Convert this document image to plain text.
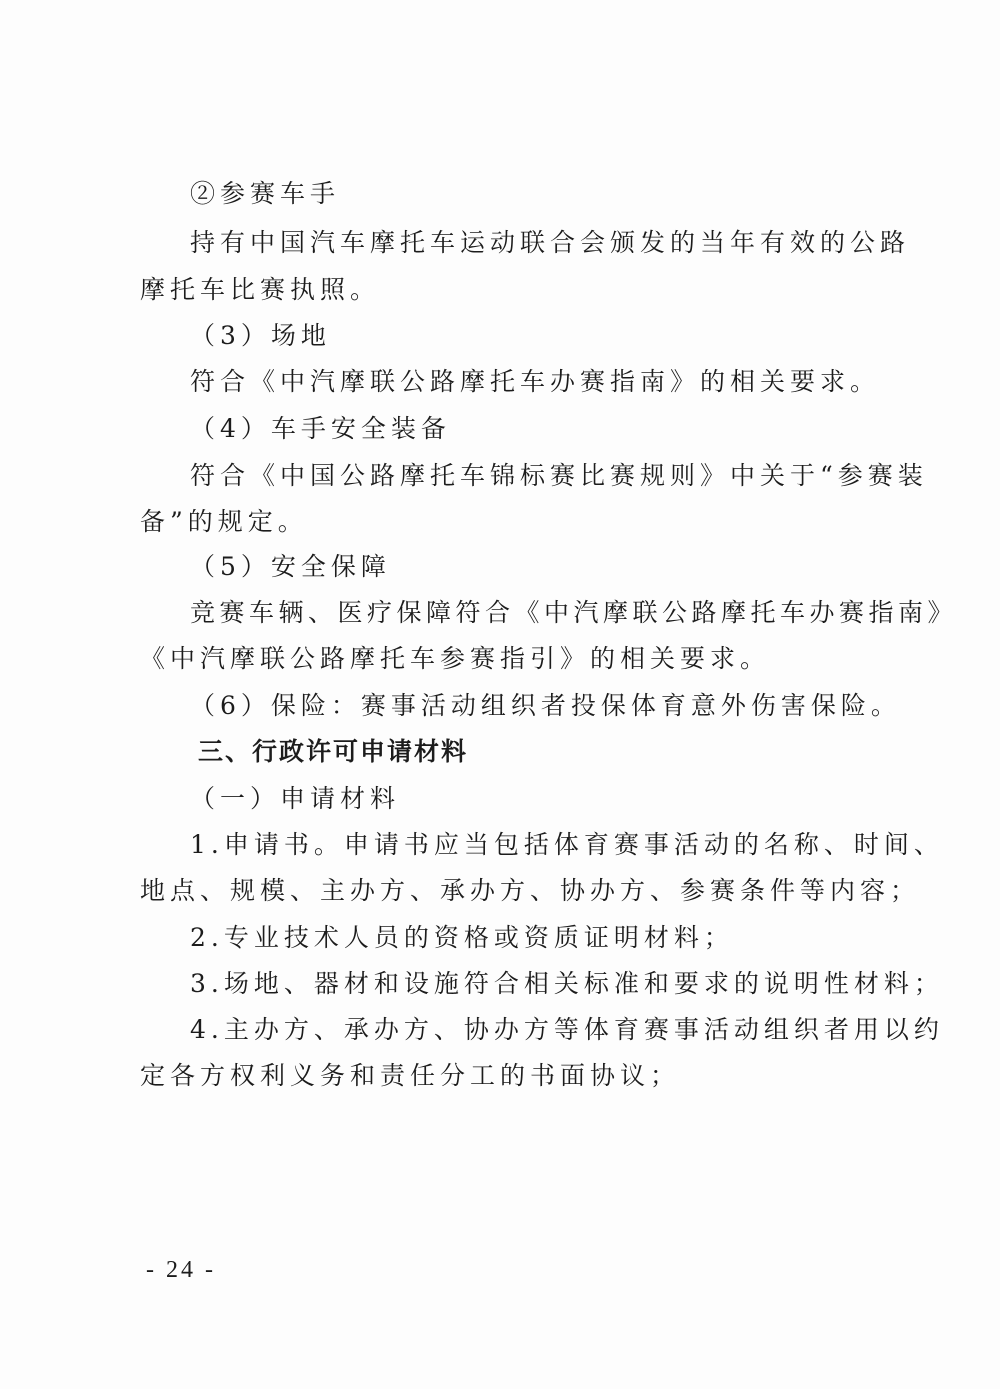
②参赛车手
持有中国汽车摩托车运动联合会颁发的当年有效的公路
摩托车比赛执照。
（3）场地
符合《中汽摩联公路摩托车办赛指南》的相关要求。
（4）车手安全装备
符合《中国公路摩托车锦标赛比赛规则》中关于“参赛装
备”的规定。
（5）安全保障
竞赛车辆、医疗保障符合《中汽摩联公路摩托车办赛指南》
《中汽摩联公路摩托车参赛指引》的相关要求。
（6）保险：赛事活动组织者投保体育意外伤害保险。
三、行政许可申请材料
（一）申请材料
1.申请书。申请书应当包括体育赛事活动的名称、时间、
地点、规模、主办方、承办方、协办方、参赛条件等内容；
2.专业技术人员的资格或资质证明材料；
3.场地、器材和设施符合相关标准和要求的说明性材料；
4.主办方、承办方、协办方等体育赛事活动组织者用以约
定各方权利义务和责任分工的书面协议；
- 24 -
